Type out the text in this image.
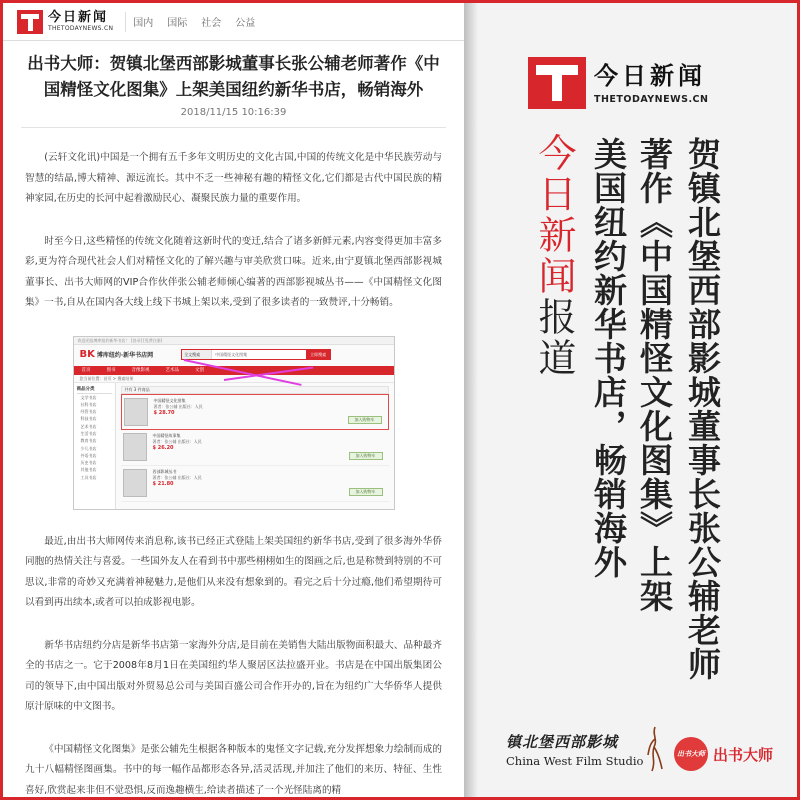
今日新闻
THETODAYNEWS.CN	国内	国际	社会	公益
出书大师：贺镇北堡西部影城董事长张公辅老师著作《中国精怪文化图集》上架美国纽约新华书店，畅销海外
2018/11/15 10:16:39

(云轩文化讯)中国是一个拥有五千多年文明历史的文化古国,中国的传统文化是中华民族劳动与智慧的结晶,博大精神、源远流长。其中不乏一些神秘有趣的精怪文化,它们都是古代中国民族的精神家园,在历史的长河中起着激励民心、凝聚民族力量的重要作用。

时至今日,这些精怪的传统文化随着这新时代的变迁,结合了诸多新鲜元素,内容变得更加丰富多彩,更为符合现代社会人们对精怪文化的了解兴趣与审美欣赏口味。近来,由宁夏镇北堡西部影视城董事长、出书大师网的VIP合作伙伴张公辅老师倾心编著的西部影视城丛书——《中国精怪文化图集》一书,自从在国内各大线上线下书城上架以来,受到了很多读者的一致赞评,十分畅销。

欢迎光临博库纽约新华书店！ [登录] [免费注册]
BK 博库纽约·新华书店网	全文搜索	中国精怪文化图集	立即搜索
首页	图书	音像影视	艺术品	文创
您当前位置：首页 > 搜索结果
商品分类
文学书店
社科书店
经管书店
科技书店
艺术书店
生活书店
教育书店
少儿书店
外语书店
历史书店
其他书店
工具书店
共有 3 件商品
中国精怪文化图集
著者：张公辅 出版社：人民
$ 28.70
加入购物车
中国精怪故事集
著者：张公辅 出版社：人民
$ 26.20
加入购物车
西部影城丛书
著者：张公辅 出版社：人民
$ 21.80
加入购物车

最近,由出书大师网传来消息称,该书已经正式登陆上架美国纽约新华书店,受到了很多海外华侨同胞的热情关注与喜爱。一些国外友人在看到书中那些栩栩如生的图画之后,也是称赞到特别的不可思议,非常的奇妙又充满着神秘魅力,是他们从来没有想象到的。看完之后十分过瘾,他们希望期待可以看到再出续本,或者可以拍成影视电影。

新华书店纽约分店是新华书店第一家海外分店,是目前在美销售大陆出版物面积最大、品种最齐全的书店之一。它于2008年8月1日在美国纽约华人聚居区法拉盛开业。书店是在中国出版集团公司的领导下,由中国出版对外贸易总公司与美国百盛公司合作开办的,旨在为纽约广大华侨华人提供原汁原味的中文图书。

《中国精怪文化图集》是张公辅先生根据各种版本的鬼怪文字记载,充分发挥想象力绘制而成的九十八幅精怪图画集。书中的每一幅作品都形态各异,活灵活现,并加注了他们的来历、特征、生性喜好,欣赏起来非但不觉恐惧,反而逸趣横生,给读者描述了一个光怪陆离的精

今日新闻
THETODAYNEWS.CN
贺镇北堡西部影城董事长张公辅老师
著作《中国精怪文化图集》上架
美国纽约新华书店，畅销海外
今日新闻报道
镇北堡西部影城
China West Film Studio	出书大师 出书大师
